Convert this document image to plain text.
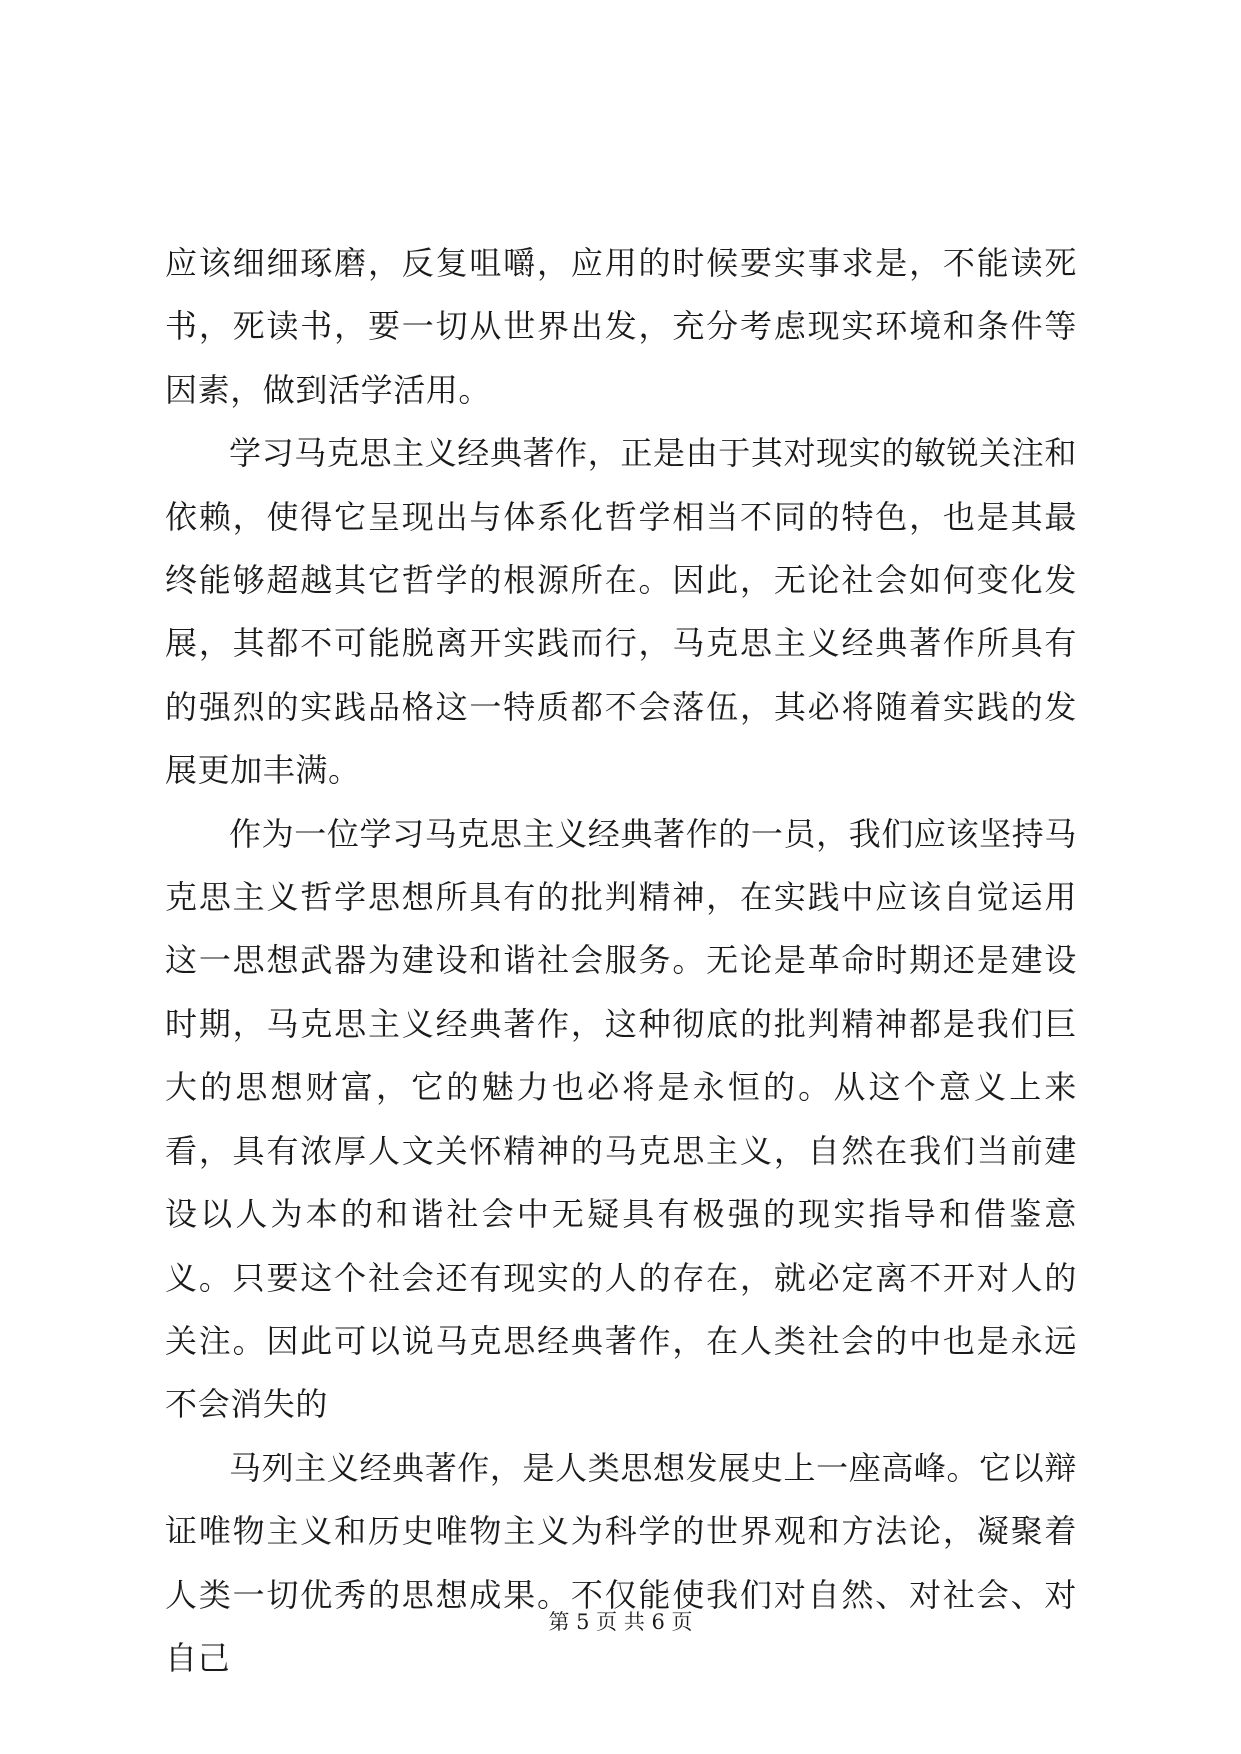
应该细细琢磨，反复咀嚼，应用的时候要实事求是，不能读死书，死读书，要一切从世界出发，充分考虑现实环境和条件等因素，做到活学活用。

学习马克思主义经典著作，正是由于其对现实的敏锐关注和依赖，使得它呈现出与体系化哲学相当不同的特色，也是其最终能够超越其它哲学的根源所在。因此，无论社会如何变化发展，其都不可能脱离开实践而行，马克思主义经典著作所具有的强烈的实践品格这一特质都不会落伍，其必将随着实践的发展更加丰满。

作为一位学习马克思主义经典著作的一员，我们应该坚持马克思主义哲学思想所具有的批判精神，在实践中应该自觉运用这一思想武器为建设和谐社会服务。无论是革命时期还是建设时期，马克思主义经典著作，这种彻底的批判精神都是我们巨大的思想财富，它的魅力也必将是永恒的。从这个意义上来看，具有浓厚人文关怀精神的马克思主义，自然在我们当前建设以人为本的和谐社会中无疑具有极强的现实指导和借鉴意义。只要这个社会还有现实的人的存在，就必定离不开对人的关注。因此可以说马克思经典著作，在人类社会的中也是永远不会消失的

马列主义经典著作，是人类思想发展史上一座高峰。它以辩证唯物主义和历史唯物主义为科学的世界观和方法论，凝聚着人类一切优秀的思想成果。不仅能使我们对自然、对社会、对自己

第 5 页 共 6 页
